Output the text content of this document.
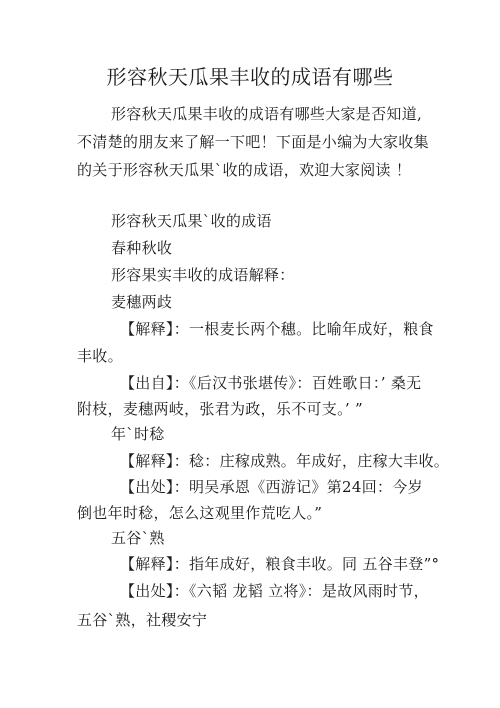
形容秋天瓜果丰收的成语有哪些
形容秋天瓜果丰收的成语有哪些大家是否知道,
不清楚的朋友来了解一下吧！下面是小编为大家收集
的关于形容秋天瓜果`收的成语，欢迎大家阅读 ！
形容秋天瓜果`收的成语
春种秋收
形容果实丰收的成语解释：
麦穗两歧
【解释】：一根麦长两个穗。比喻年成好，粮食
丰收。
【出自】：《后汉书张堪传》：百姓歌日：’ 桑无
附枝，麦穗两岐，张君为政，乐不可支。’ ”
年`时稔
【解释】：稔：庄稼成熟。年成好，庄稼大丰收。
【出处】：明吴承恩《西游记》第24回：今岁
倒也年时稔，怎么这观里作荒吃人。”
五谷`熟
【解释】：指年成好，粮食丰收。同 五谷丰登”°
【出处】：《六韬 龙韬 立将》：是故风雨时节，
五谷`熟，社稷安宁
